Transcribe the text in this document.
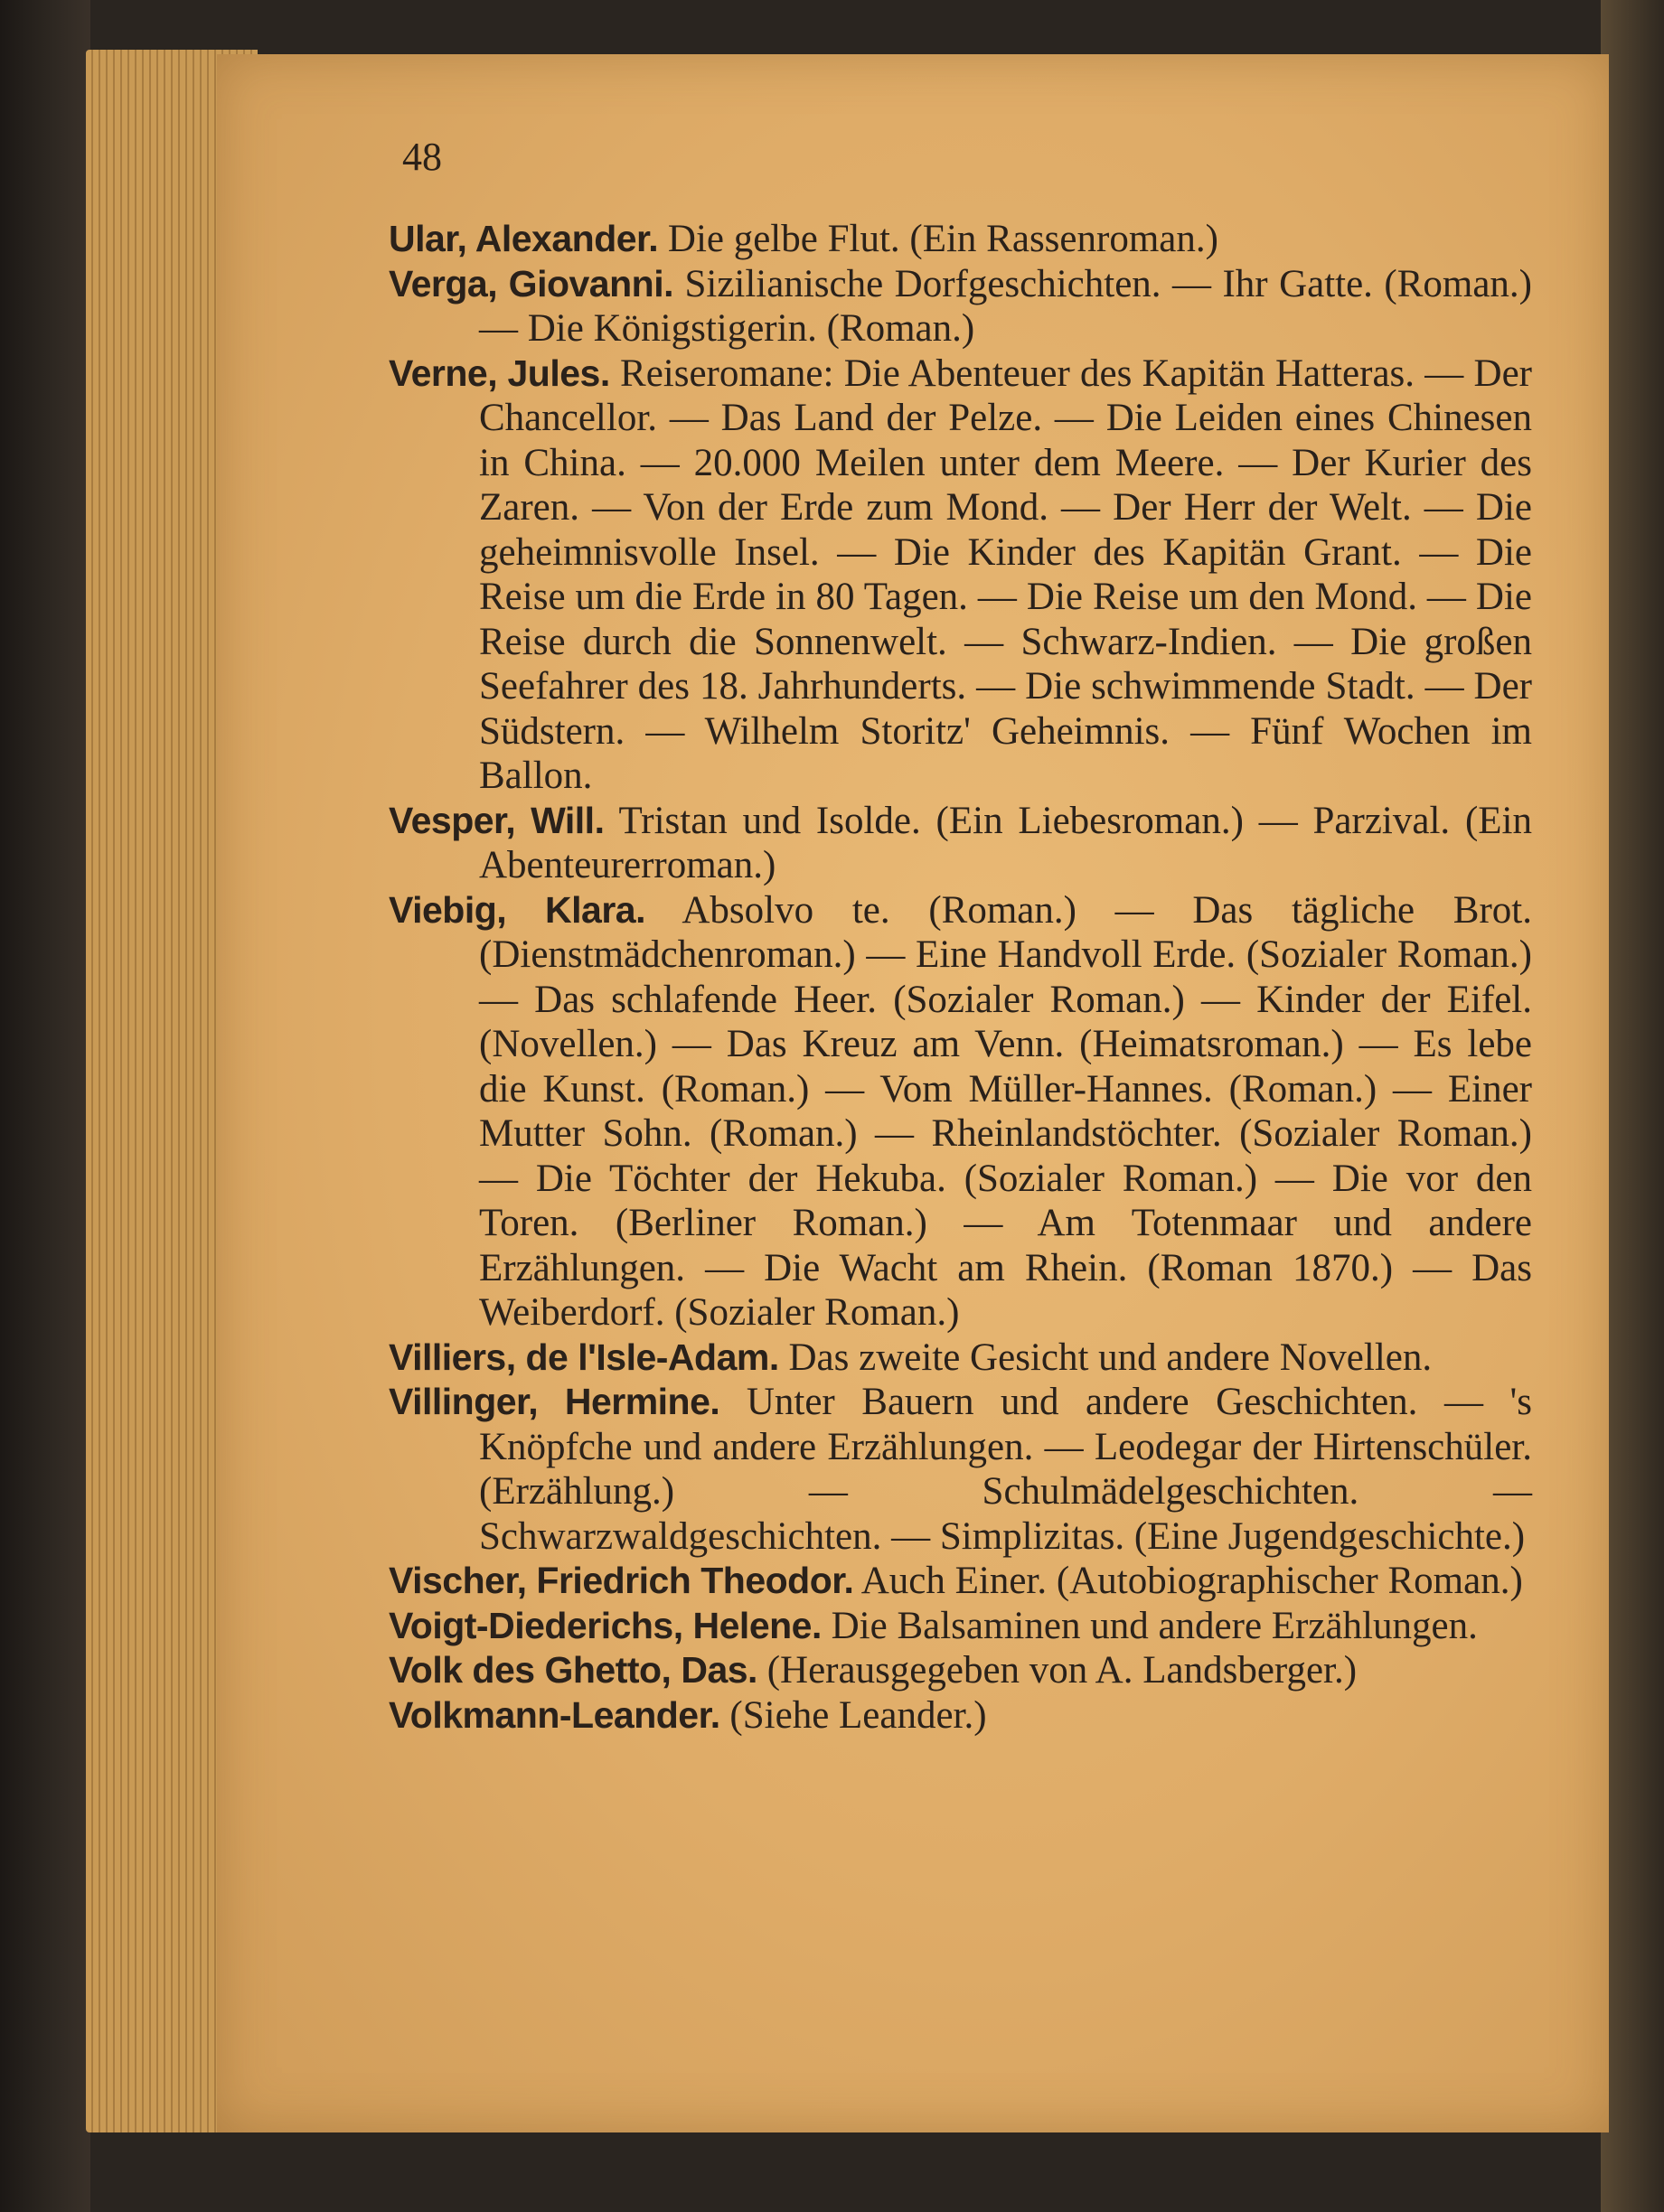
48

Ular, Alexander. Die gelbe Flut. (Ein Rassenroman.)

Verga, Giovanni. Sizilianische Dorfgeschichten. — Ihr Gatte. (Roman.) — Die Königstigerin. (Roman.)

Verne, Jules. Reiseromane: Die Abenteuer des Kapitän Hatteras. — Der Chancellor. — Das Land der Pelze. — Die Leiden eines Chinesen in China. — 20.000 Meilen unter dem Meere. — Der Kurier des Zaren. — Von der Erde zum Mond. — Der Herr der Welt. — Die geheimnisvolle Insel. — Die Kinder des Kapitän Grant. — Die Reise um die Erde in 80 Tagen. — Die Reise um den Mond. — Die Reise durch die Sonnenwelt. — Schwarz-Indien. — Die großen Seefahrer des 18. Jahrhunderts. — Die schwimmende Stadt. — Der Südstern. — Wilhelm Storitz' Geheimnis. — Fünf Wochen im Ballon.

Vesper, Will. Tristan und Isolde. (Ein Liebesroman.) — Parzival. (Ein Abenteurerroman.)

Viebig, Klara. Absolvo te. (Roman.) — Das tägliche Brot. (Dienstmädchenroman.) — Eine Handvoll Erde. (Sozialer Roman.) — Das schlafende Heer. (Sozialer Roman.) — Kinder der Eifel. (Novellen.) — Das Kreuz am Venn. (Heimatsroman.) — Es lebe die Kunst. (Roman.) — Vom Müller-Hannes. (Roman.) — Einer Mutter Sohn. (Roman.) — Rheinlandstöchter. (Sozialer Roman.) — Die Töchter der Hekuba. (Sozialer Roman.) — Die vor den Toren. (Berliner Roman.) — Am Totenmaar und andere Erzählungen. — Die Wacht am Rhein. (Roman 1870.) — Das Weiberdorf. (Sozialer Roman.)

Villiers, de l'Isle-Adam. Das zweite Gesicht und andere Novellen.

Villinger, Hermine. Unter Bauern und andere Geschichten. — 's Knöpfche und andere Erzählungen. — Leodegar der Hirtenschüler. (Erzählung.) — Schulmädelgeschichten. — Schwarzwaldgeschichten. — Simplizitas. (Eine Jugendgeschichte.)

Vischer, Friedrich Theodor. Auch Einer. (Autobiographischer Roman.)

Voigt-Diederichs, Helene. Die Balsaminen und andere Erzählungen.

Volk des Ghetto, Das. (Herausgegeben von A. Landsberger.)

Volkmann-Leander. (Siehe Leander.)
